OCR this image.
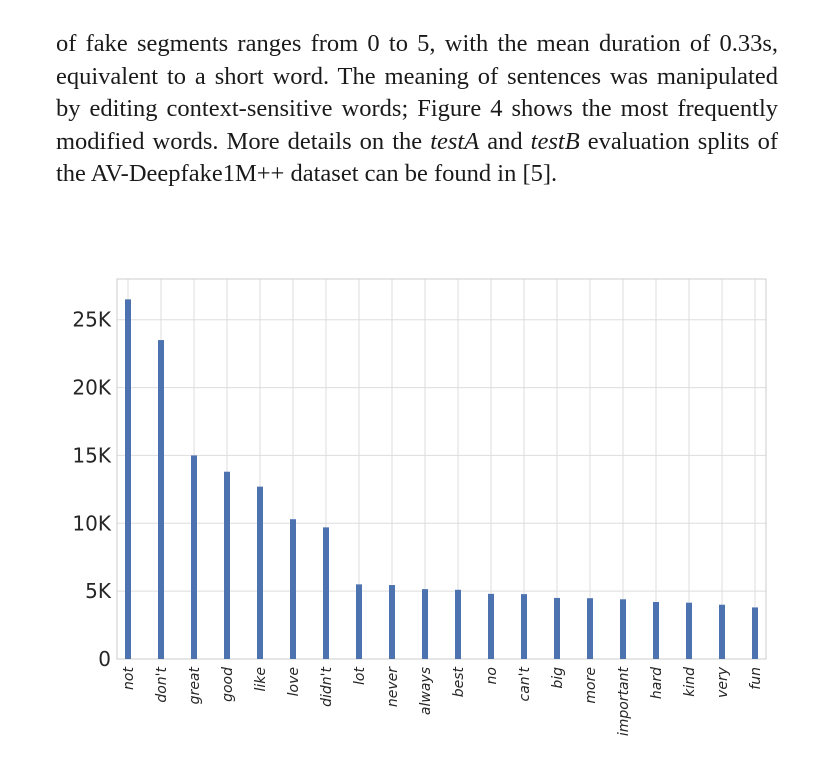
of fake segments ranges from 0 to 5, with the mean duration of 0.33s, equivalent to a short word. The meaning of sentences was manipulated by editing context-sensitive words; Figure 4 shows the most frequently modified words. More details on the testA and testB evaluation splits of the AV-Deepfake1M++ dataset can be found in [5].

0
5K
10K
15K
20K
25K
not don't great good like love didn't lot never always best no can't big more important hard kind very fun
